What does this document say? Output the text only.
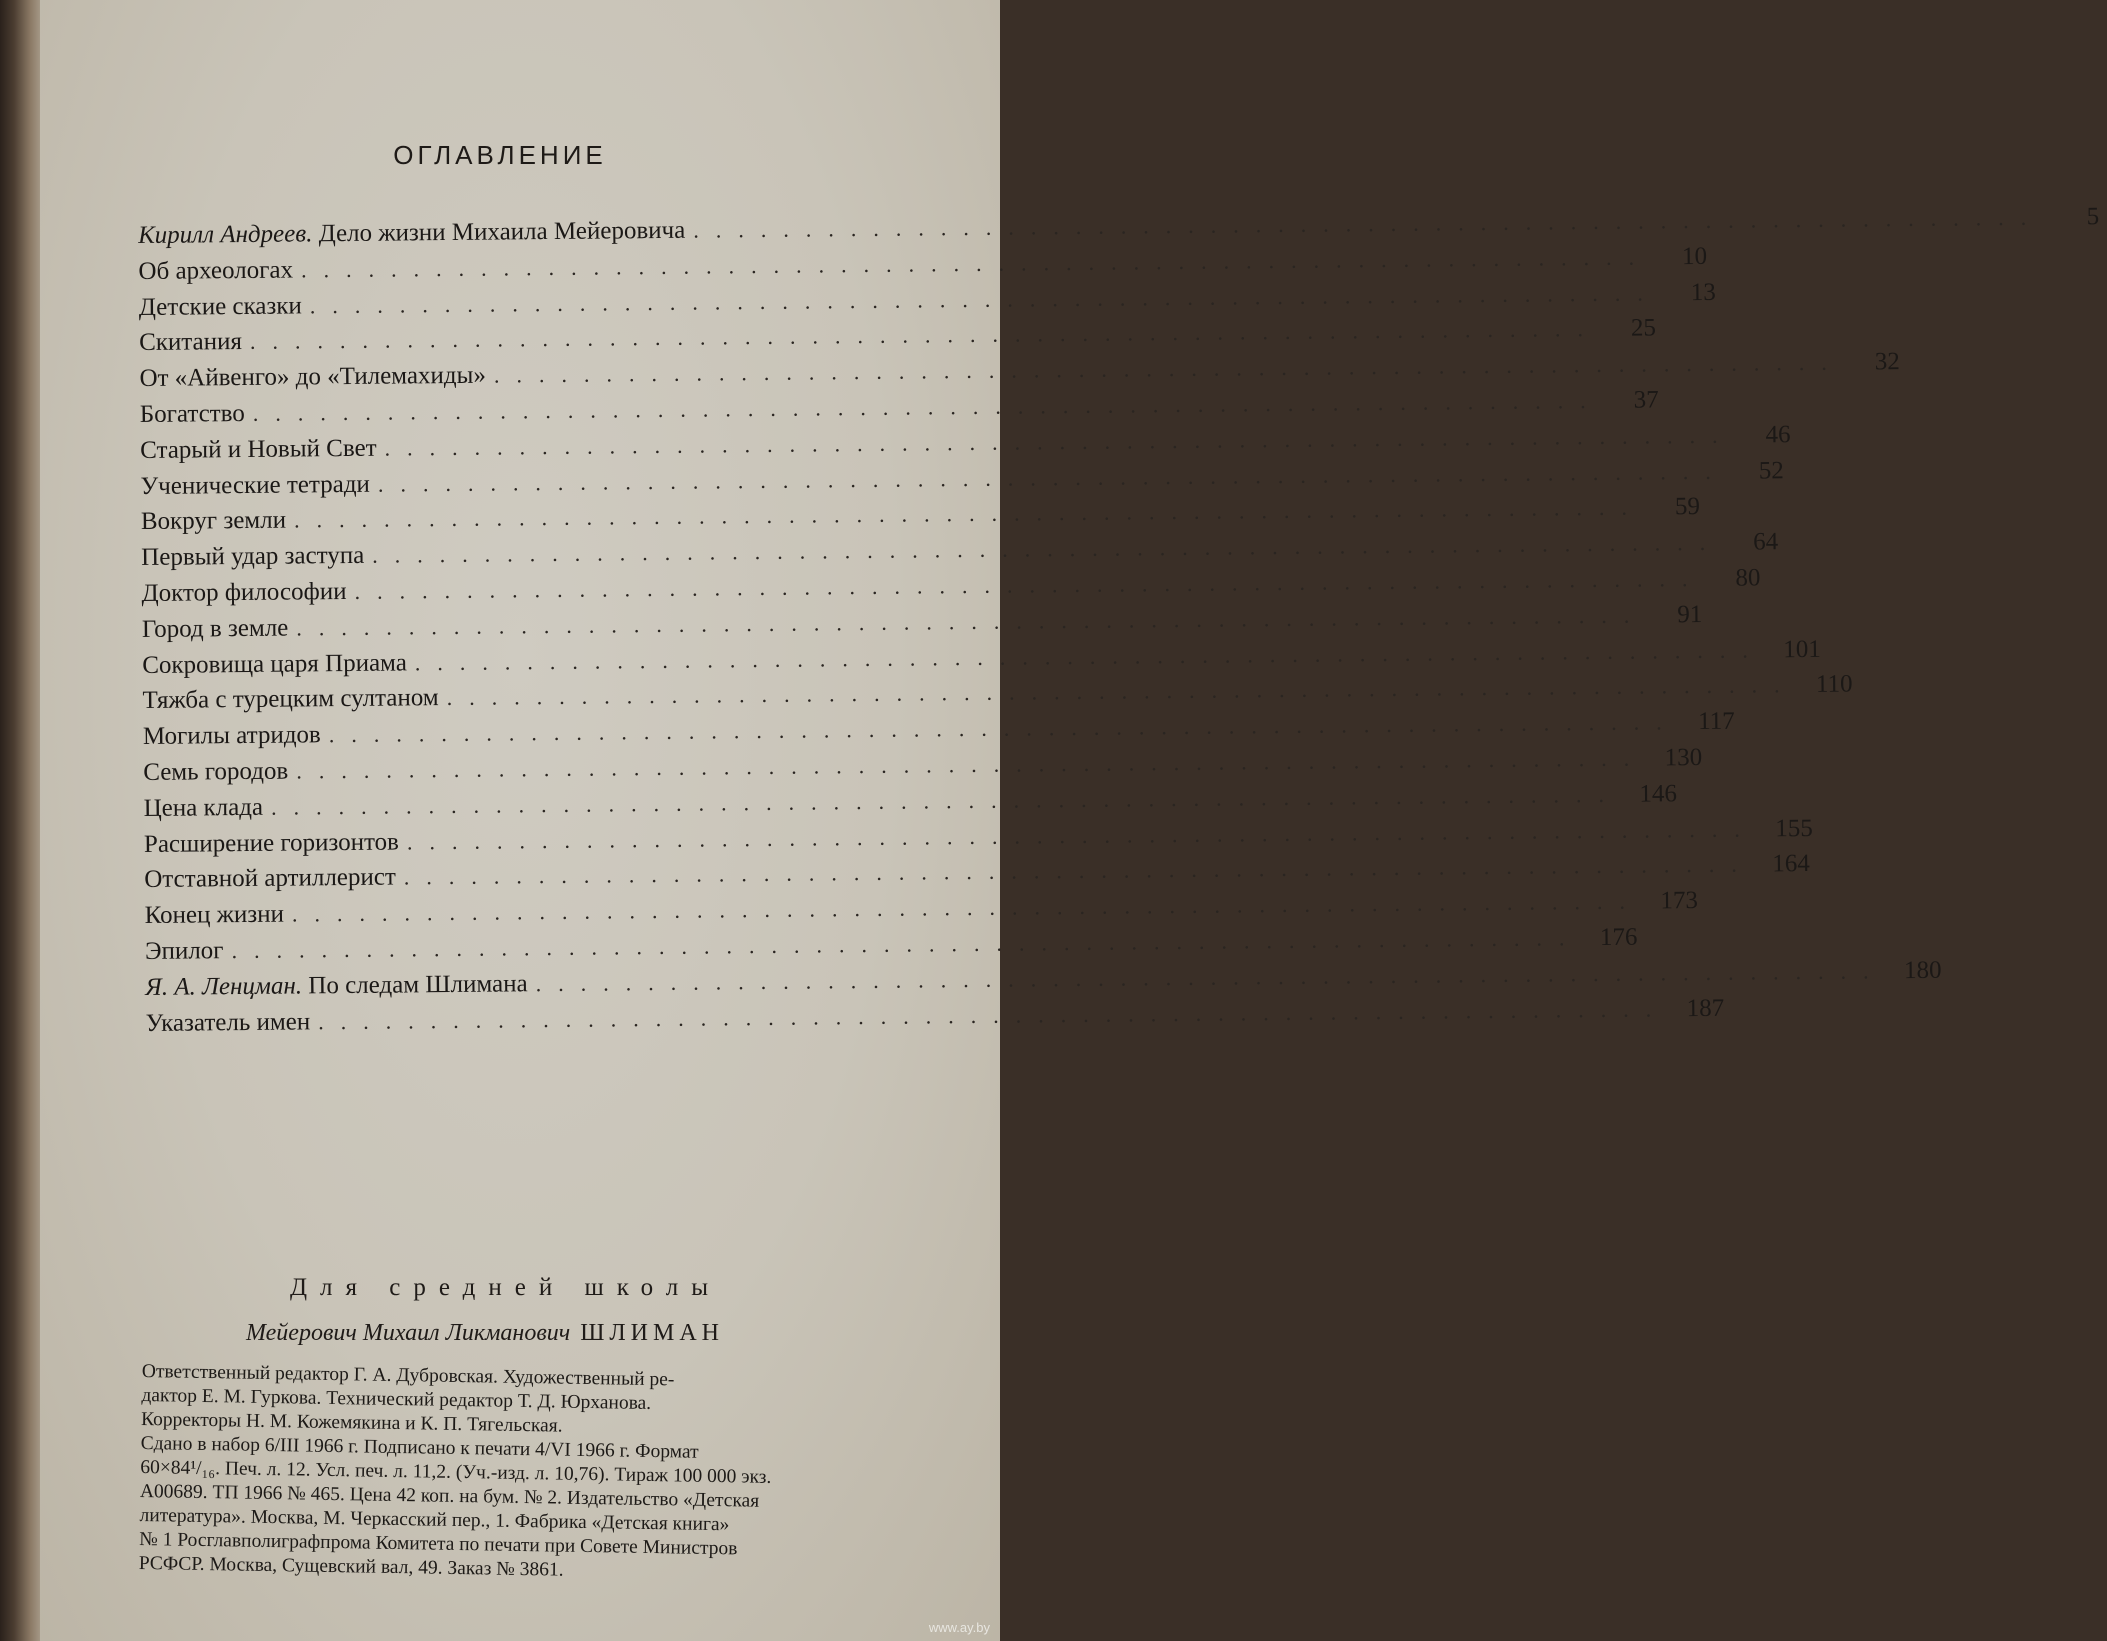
ОГЛАВЛЕНИЕ
Кирилл Андреев. Дело жизни Михаила Мейеровича ............................................................	5
Об археологах ............................................................	10
Детские сказки ............................................................	13
Скитания ............................................................	25
От «Айвенго» до «Тилемахиды» ............................................................	32
Богатство ............................................................	37
Старый и Новый Свет ............................................................	46
Ученические тетради ............................................................	52
Вокруг земли ............................................................	59
Первый удар заступа ............................................................	64
Доктор философии ............................................................	80
Город в земле ............................................................	91
Сокровища царя Приама ............................................................ 101
Тяжба с турецким султаном ............................................................ 110
Могилы атридов ............................................................ 117
Семь городов ............................................................ 130
Цена клада ............................................................ 146
Расширение горизонтов ............................................................ 155
Отставной артиллерист ............................................................ 164
Конец жизни ............................................................ 173
Эпилог ............................................................ 176
Я. А. Ленцман. По следам Шлимана ............................................................ 180
Указатель имен ............................................................ 187
Для средней школы
Мейерович Михаил Ликманович ШЛИМАН
Ответственный редактор Г. А. Дубровская. Художественный ре-
дактор Е. М. Гуркова. Технический редактор Т. Д. Юрханова.
Корректоры Н. М. Кожемякина и К. П. Тягельская.
Сдано в набор 6/III 1966 г. Подписано к печати 4/VI 1966 г. Формат
60×84¹/₁₆. Печ. л. 12. Усл. печ. л. 11,2. (Уч.-изд. л. 10,76). Тираж 100 000 экз.
А00689. ТП 1966 № 465. Цена 42 коп. на бум. № 2. Издательство «Детская
литература». Москва, М. Черкасский пер., 1. Фабрика «Детская книга»
№ 1 Росглавполиграфпрома Комитета по печати при Совете Министров
РСФСР. Москва, Сущевский вал, 49. Заказ № 3861.
www.ay.by
